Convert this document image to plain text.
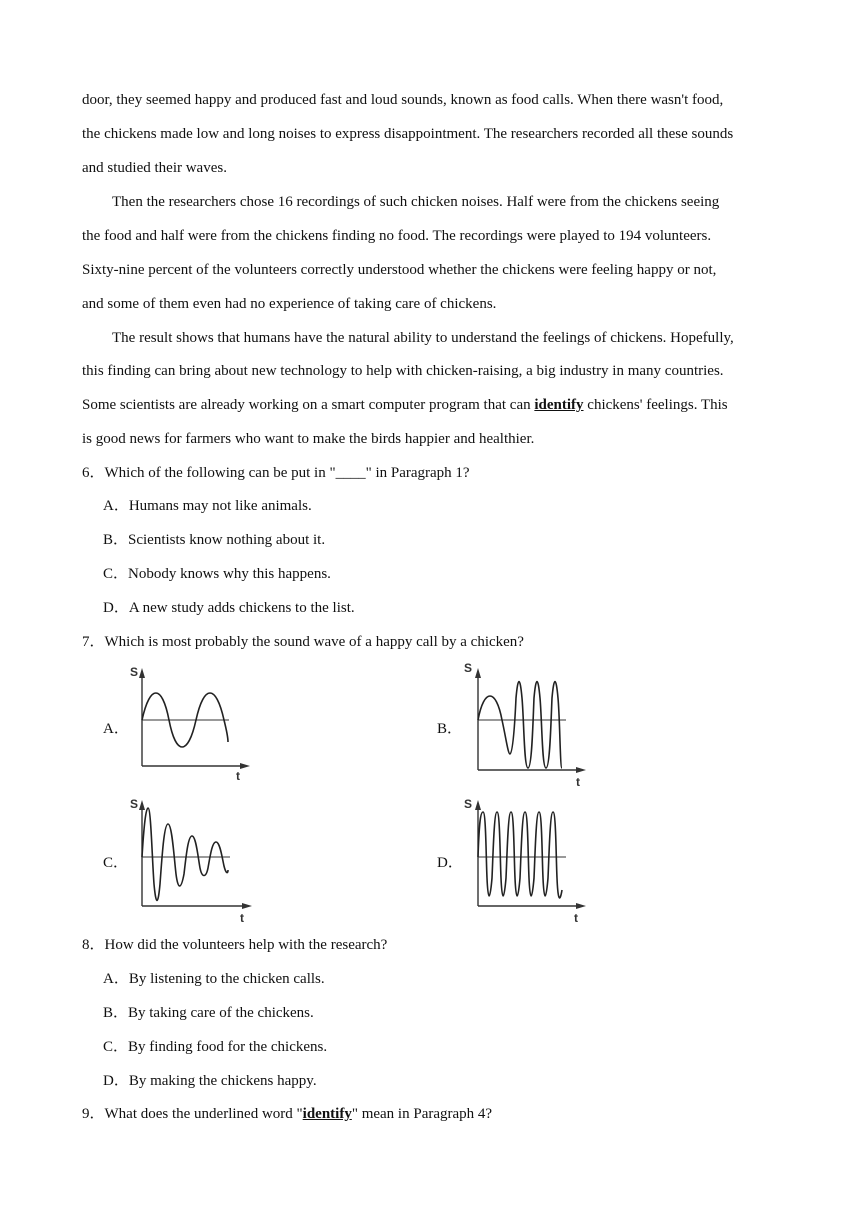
door, they seemed happy and produced fast and loud sounds, known as food calls. When there wasn't food,
the chickens made low and long noises to express disappointment. The researchers recorded all these sounds
and studied their waves.
Then the researchers chose 16 recordings of such chicken noises. Half were from the chickens seeing
the food and half were from the chickens finding no food. The recordings were played to 194 volunteers.
Sixty-nine percent of the volunteers correctly understood whether the chickens were feeling happy or not,
and some of them even had no experience of taking care of chickens.
The result shows that humans have the natural ability to understand the feelings of chickens. Hopefully,
this finding can bring about new technology to help with chicken-raising, a big industry in many countries.
Some scientists are already working on a smart computer program that can identify chickens' feelings. This
is good news for farmers who want to make the birds happier and healthier.
6．Which of the following can be put in "____" in Paragraph 1?
A．Humans may not like animals.
B．Scientists know nothing about it.
C．Nobody knows why this happens.
D．A new study adds chickens to the list.
7．Which is most probably the sound wave of a happy call by a chicken?
A．	B．
C．	D．
S
t
S
t
S
t
S
t
8．How did the volunteers help with the research?
A．By listening to the chicken calls.
B．By taking care of the chickens.
C．By finding food for the chickens.
D．By making the chickens happy.
9．What does the underlined word "identify" mean in Paragraph 4?
